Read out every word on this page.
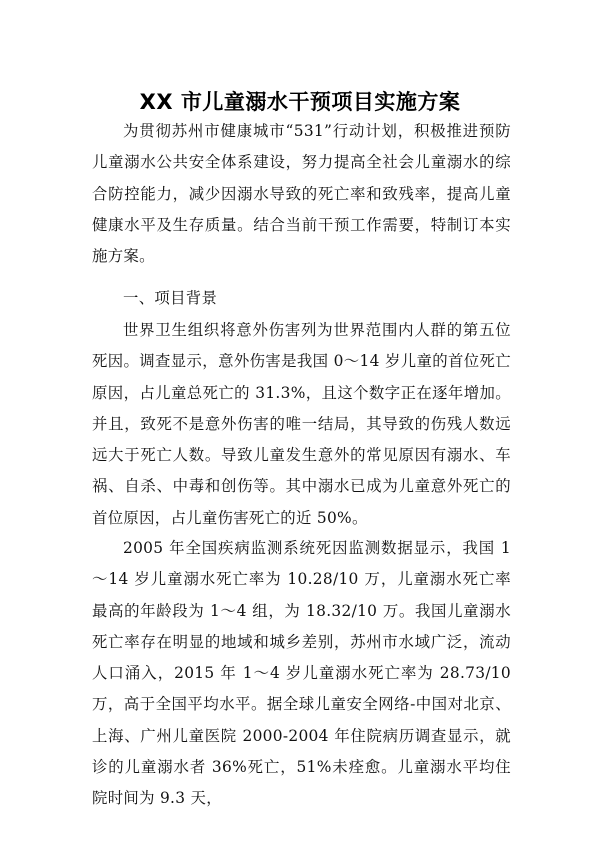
XX 市儿童溺水干预项目实施方案

为贯彻苏州市健康城市“531”行动计划，积极推进预防儿童溺水公共安全体系建设，努力提高全社会儿童溺水的综合防控能力，减少因溺水导致的死亡率和致残率，提高儿童健康水平及生存质量。结合当前干预工作需要，特制订本实施方案。

一、项目背景

世界卫生组织将意外伤害列为世界范围内人群的第五位死因。调查显示，意外伤害是我国 0～14 岁儿童的首位死亡原因，占儿童总死亡的 31.3%，且这个数字正在逐年增加。并且，致死不是意外伤害的唯一结局，其导致的伤残人数远远大于死亡人数。导致儿童发生意外的常见原因有溺水、车祸、自杀、中毒和创伤等。其中溺水已成为儿童意外死亡的首位原因，占儿童伤害死亡的近 50%。

2005 年全国疾病监测系统死因监测数据显示，我国 1～14 岁儿童溺水死亡率为 10.28/10 万，儿童溺水死亡率最高的年龄段为 1～4 组，为 18.32/10 万。我国儿童溺水死亡率存在明显的地域和城乡差别，苏州市水域广泛，流动人口涌入，2015 年 1～4 岁儿童溺水死亡率为 28.73/10 万，高于全国平均水平。据全球儿童安全网络-中国对北京、上海、广州儿童医院 2000-2004 年住院病历调查显示，就诊的儿童溺水者 36%死亡，51%未痊愈。儿童溺水平均住院时间为 9.3 天，
